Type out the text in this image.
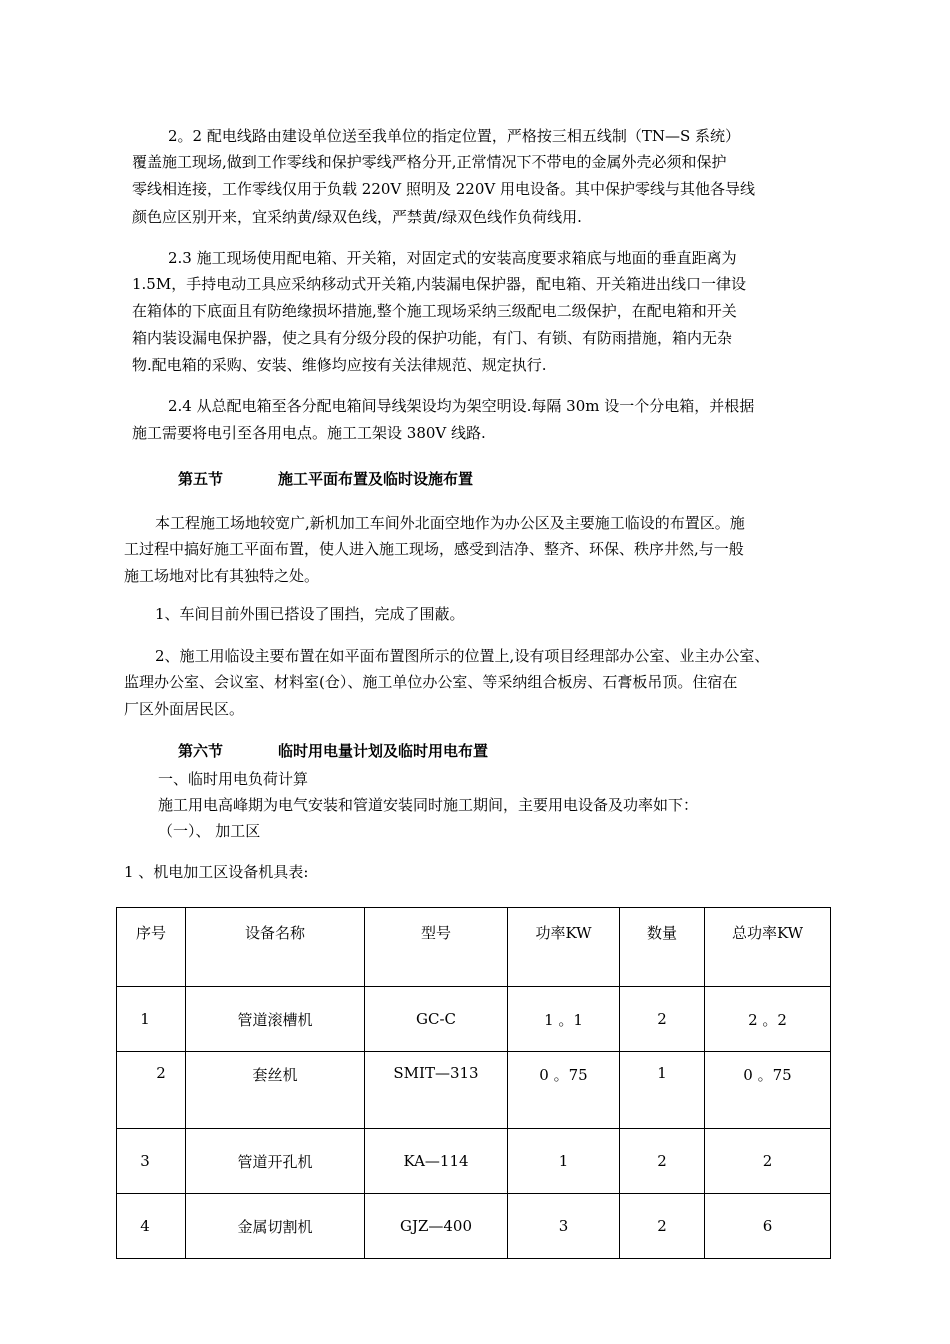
2。2 配电线路由建设单位送至我单位的指定位置，严格按三相五线制（TN—S 系统）
覆盖施工现场,做到工作零线和保护零线严格分开,正常情况下不带电的金属外壳必须和保护
零线相连接，工作零线仅用于负载 220V 照明及 220V 用电设备。其中保护零线与其他各导线
颜色应区别开来，宜采纳黄/绿双色线，严禁黄/绿双色线作负荷线用.
2.3 施工现场使用配电箱、开关箱，对固定式的安装高度要求箱底与地面的垂直距离为
1.5M，手持电动工具应采纳移动式开关箱,内装漏电保护器，配电箱、开关箱进出线口一律设
在箱体的下底面且有防绝缘损坏措施,整个施工现场采纳三级配电二级保护，在配电箱和开关
箱内装设漏电保护器，使之具有分级分段的保护功能，有门、有锁、有防雨措施，箱内无杂
物.配电箱的采购、安装、维修均应按有关法律规范、规定执行.
2.4 从总配电箱至各分配电箱间导线架设均为架空明设.每隔 30m 设一个分电箱，并根据
施工需要将电引至各用电点。施工工架设 380V 线路.
第五节	施工平面布置及临时设施布置
本工程施工场地较宽广,新机加工车间外北面空地作为办公区及主要施工临设的布置区。施
工过程中搞好施工平面布置，使人进入施工现场，感受到洁净、整齐、环保、秩序井然,与一般
施工场地对比有其独特之处。
1、车间目前外围已搭设了围挡，完成了围蔽。
2、施工用临设主要布置在如平面布置图所示的位置上,设有项目经理部办公室、业主办公室、
监理办公室、会议室、材料室(仓）、施工单位办公室、等采纳组合板房、石膏板吊顶。住宿在
厂区外面居民区。
第六节	临时用电量计划及临时用电布置
一、临时用电负荷计算
施工用电高峰期为电气安装和管道安装同时施工期间，主要用电设备及功率如下：
（一）、 加工区
1 、机电加工区设备机具表:
序号	设备名称	型号	功率KW	数量	总功率KW
1	管道滚槽机	GC-C	1 。1	2	2 。2
2	套丝机	SMIT—313	0 。75	1	0 。75
3	管道开孔机	KA—114	1	2	2
4	金属切割机	GJZ—400	3	2	6
